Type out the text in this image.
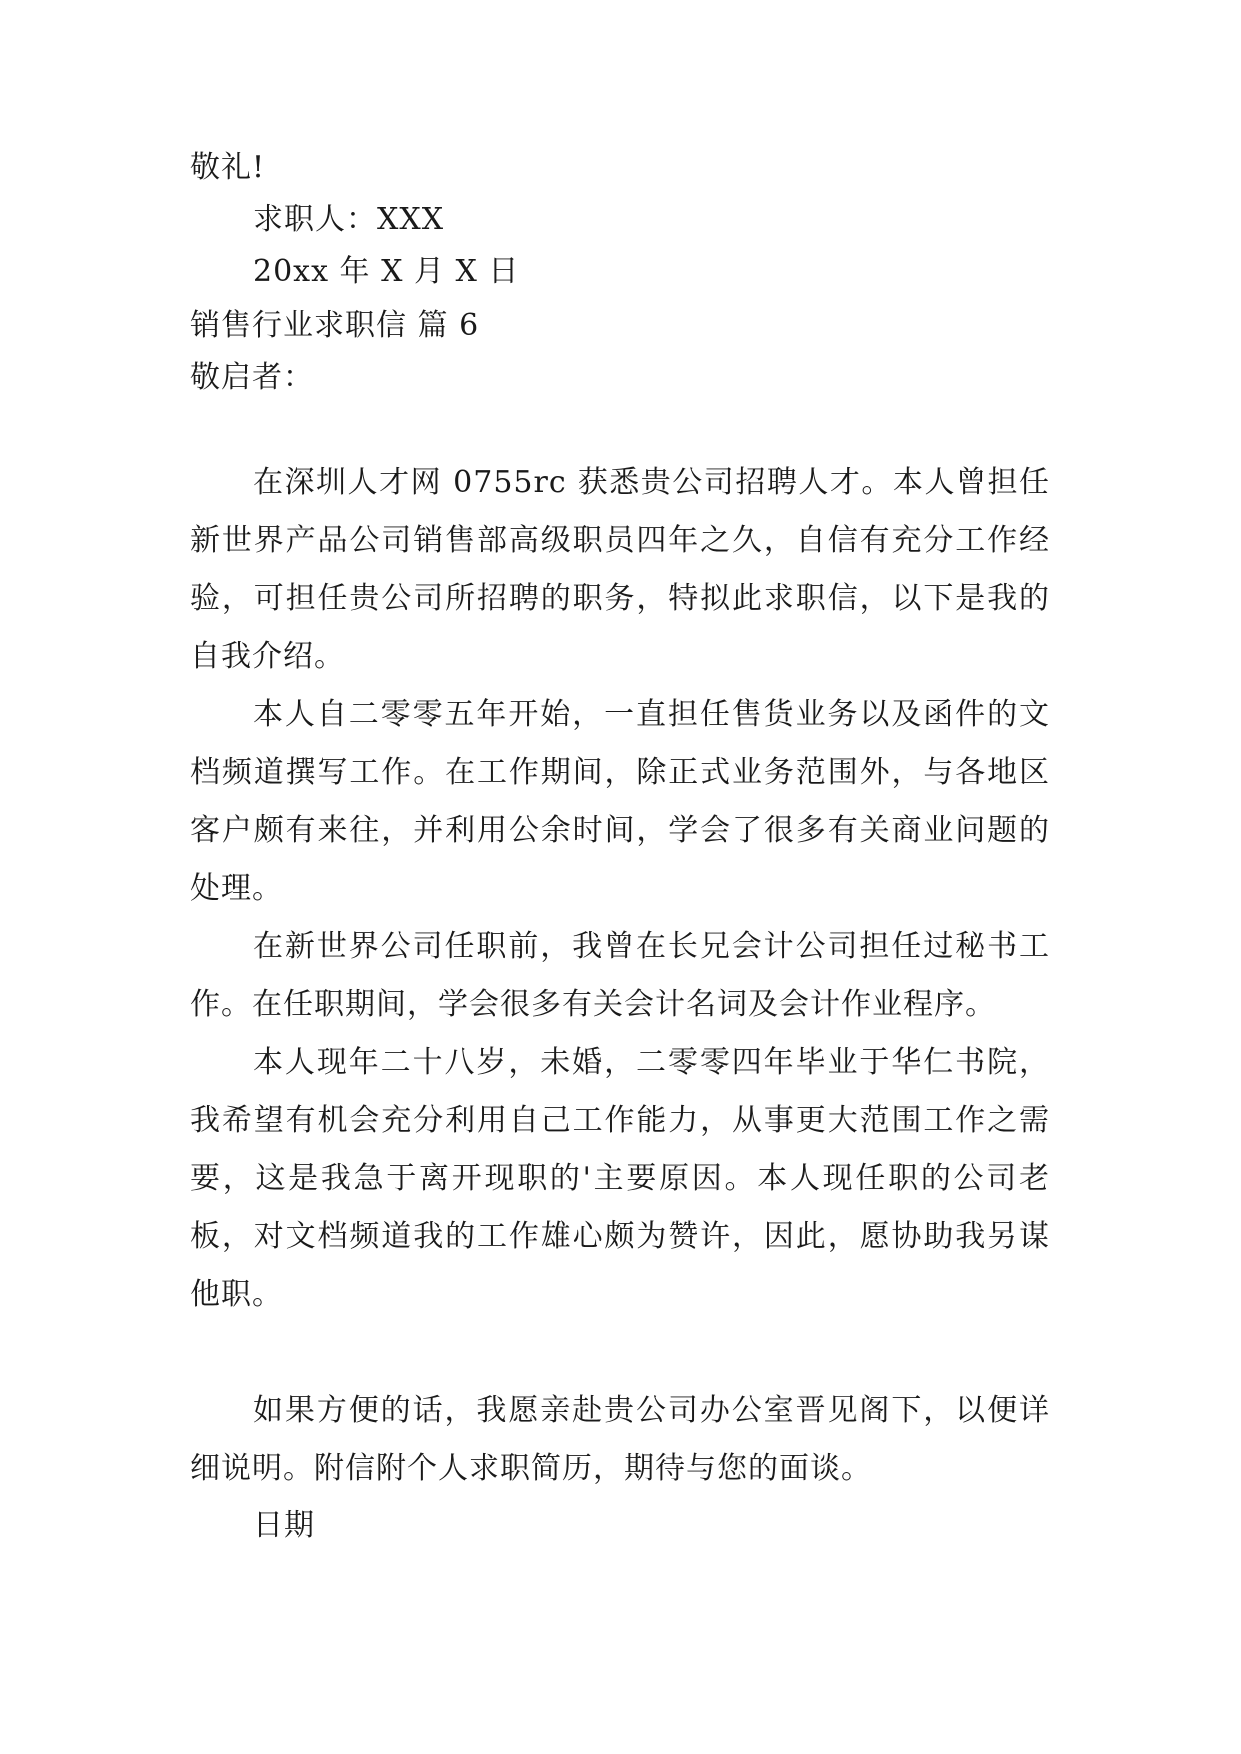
敬礼!
求职人：XXX
20xx 年 X 月 X 日
销售行业求职信 篇 6
敬启者：
在深圳人才网 0755rc 获悉贵公司招聘人才。本人曾担任新世界产品公司销售部高级职员四年之久，自信有充分工作经验，可担任贵公司所招聘的职务，特拟此求职信，以下是我的自我介绍。
本人自二零零五年开始，一直担任售货业务以及函件的文档频道撰写工作。在工作期间，除正式业务范围外，与各地区客户颇有来往，并利用公余时间，学会了很多有关商业问题的处理。
在新世界公司任职前，我曾在长兄会计公司担任过秘书工作。在任职期间，学会很多有关会计名词及会计作业程序。
本人现年二十八岁，未婚，二零零四年毕业于华仁书院，我希望有机会充分利用自己工作能力，从事更大范围工作之需要，这是我急于离开现职的'主要原因。本人现任职的公司老板，对文档频道我的工作雄心颇为赞许，因此，愿协助我另谋他职。
如果方便的话，我愿亲赴贵公司办公室晋见阁下，以便详细说明。附信附个人求职简历，期待与您的面谈。
日期
